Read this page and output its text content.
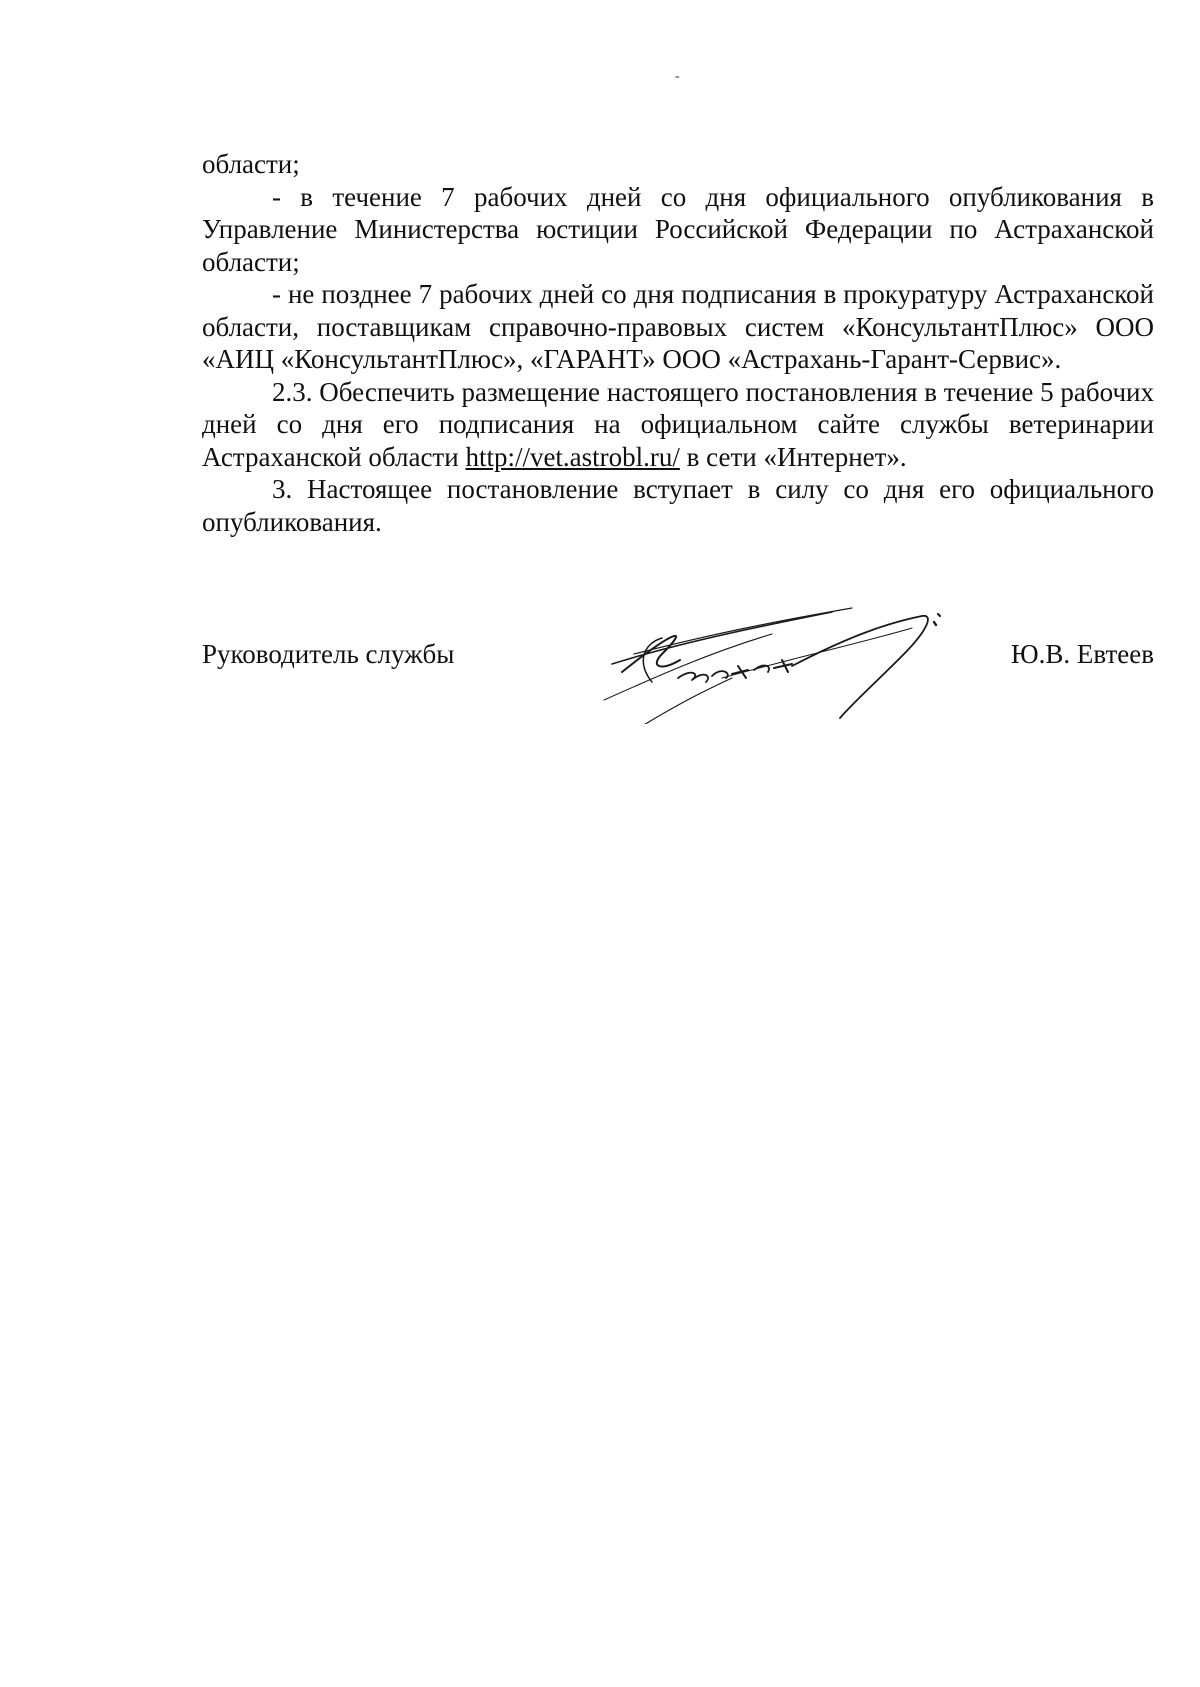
-

области;

- в течение 7 рабочих дней со дня официального опубликования в Управление Министерства юстиции Российской Федерации по Астраханской области;

- не позднее 7 рабочих дней со дня подписания в прокуратуру Астраханской области, поставщикам справочно-правовых систем «КонсультантПлюс» ООО «АИЦ «КонсультантПлюс», «ГАРАНТ» ООО «Астрахань-Гарант-Сервис».

2.3. Обеспечить размещение настоящего постановления в течение 5 рабочих дней со дня его подписания на официальном сайте службы ветеринарии Астраханской области http://vet.astrobl.ru/ в сети «Интернет».

3. Настоящее постановление вступает в силу со дня его официального опубликования.

Руководитель службы	Ю.В. Евтеев
